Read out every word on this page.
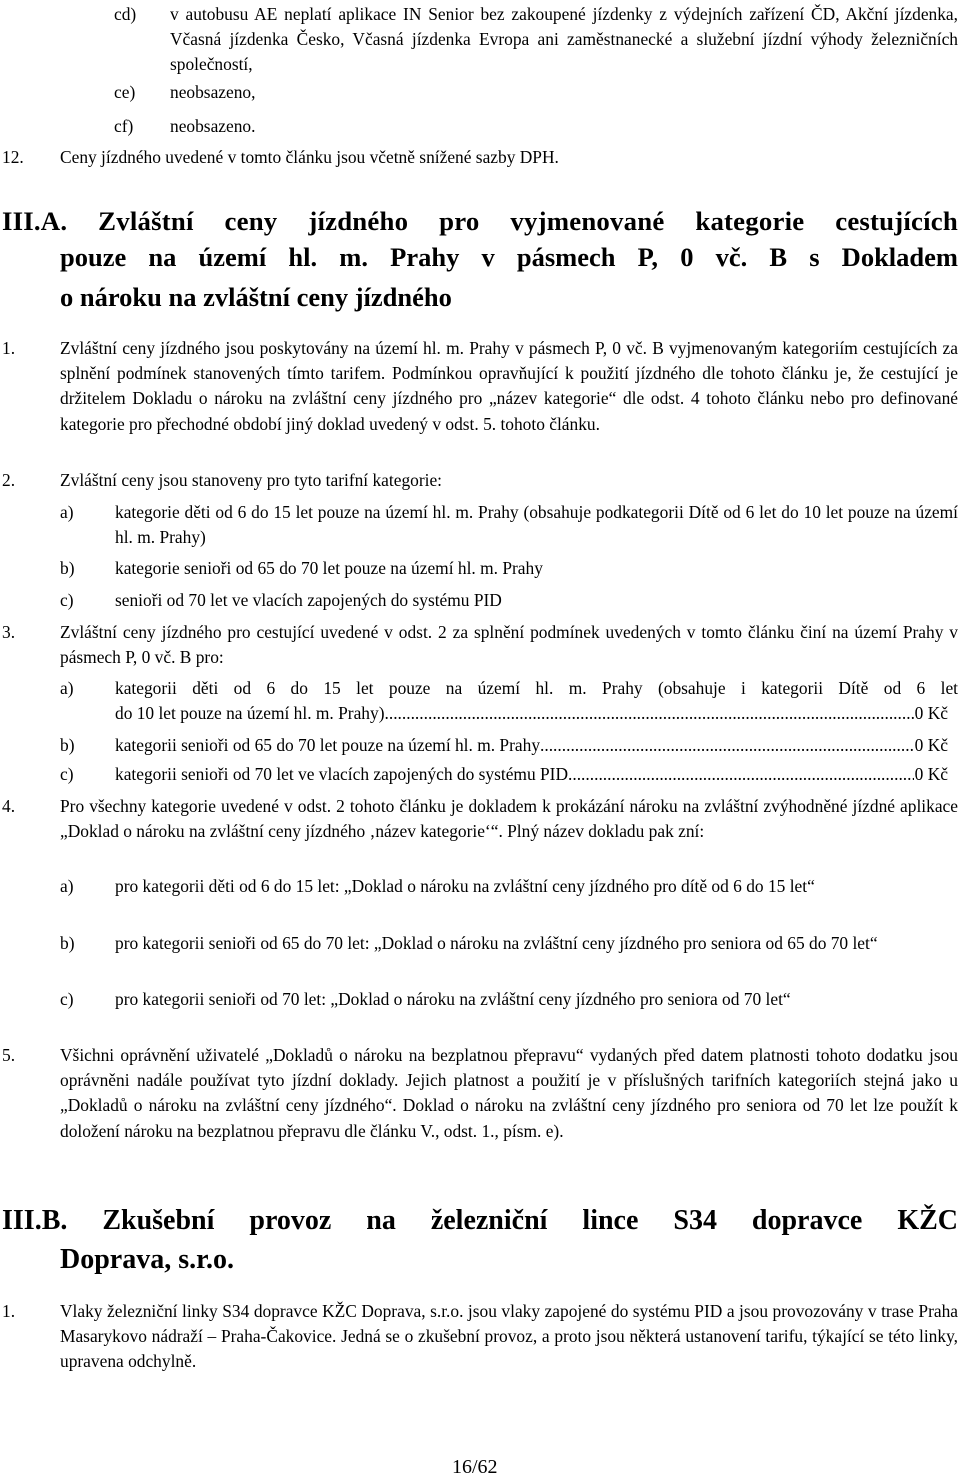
cd) v autobusu AE neplatí aplikace IN Senior bez zakoupené jízdenky z výdejních zařízení ČD, Akční jízdenka, Včasná jízdenka Česko, Včasná jízdenka Evropa ani zaměstnanecké a služební jízdní výhody železničních společností,
ce) neobsazeno,
cf) neobsazeno.
12. Ceny jízdného uvedené v tomto článku jsou včetně snížené sazby DPH.
III.A. Zvláštní ceny jízdného pro vyjmenované kategorie cestujících
pouze na území hl. m. Prahy v pásmech P, 0 vč. B s Dokladem
o nároku na zvláštní ceny jízdného
1.	Zvláštní ceny jízdného jsou poskytovány na území hl. m. Prahy v pásmech P, 0 vč. B vyjmenovaným kategoriím cestujících za splnění podmínek stanovených tímto tarifem. Podmínkou opravňující k použití jízdného dle tohoto článku je, že cestující je držitelem Dokladu o nároku na zvláštní ceny jízdného pro „název kategorie“ dle odst. 4 tohoto článku nebo pro definované kategorie pro přechodné období jiný doklad uvedený v odst. 5. tohoto článku.
2.	Zvláštní ceny jsou stanoveny pro tyto tarifní kategorie:
a) kategorie děti od 6 do 15 let pouze na území hl. m. Prahy (obsahuje podkategorii Dítě od 6 let do 10 let pouze na území hl. m. Prahy)
b) kategorie senioři od 65 do 70 let pouze na území hl. m. Prahy
c) senioři od 70 let ve vlacích zapojených do systému PID
3.	Zvláštní ceny jízdného pro cestující uvedené v odst. 2 za splnění podmínek uvedených v tomto článku činí na území Prahy v pásmech P, 0 vč. B pro:
a) kategorii děti od 6 do 15 let pouze na území hl. m. Prahy (obsahuje i kategorii Dítě od 6 let
do 10 let pouze na území hl. m. Prahy) .....	0 Kč
b) kategorii senioři od 65 do 70 let pouze na území hl. m. Prahy .....	0 Kč
c) kategorii senioři od 70 let ve vlacích zapojených do systému PID .....	0 Kč
4.	Pro všechny kategorie uvedené v odst. 2 tohoto článku je dokladem k prokázání nároku na zvláštní zvýhodněné jízdné aplikace „Doklad o nároku na zvláštní ceny jízdného ‚název kategorie‘“. Plný název dokladu pak zní:
a) pro kategorii děti od 6 do 15 let: „Doklad o nároku na zvláštní ceny jízdného pro dítě od 6 do 15 let“
b) pro kategorii senioři od 65 do 70 let: „Doklad o nároku na zvláštní ceny jízdného pro seniora od 65 do 70 let“
c) pro kategorii senioři od 70 let: „Doklad o nároku na zvláštní ceny jízdného pro seniora od 70 let“
5.	Všichni oprávnění uživatelé „Dokladů o nároku na bezplatnou přepravu“ vydaných před datem platnosti tohoto dodatku jsou oprávněni nadále používat tyto jízdní doklady. Jejich platnost a použití je v příslušných tarifních kategoriích stejná jako u „Dokladů o nároku na zvláštní ceny jízdného“. Doklad o nároku na zvláštní ceny jízdného pro seniora od 70 let lze použít k doložení nároku na bezplatnou přepravu dle článku V., odst. 1., písm. e).
III.B. Zkušební provoz na železniční lince S34 dopravce KŽC
Doprava, s.r.o.
1.	Vlaky železniční linky S34 dopravce KŽC Doprava, s.r.o. jsou vlaky zapojené do systému PID a jsou provozovány v trase Praha Masarykovo nádraží – Praha-Čakovice. Jedná se o zkušební provoz, a proto jsou některá ustanovení tarifu, týkající se této linky, upravena odchylně.
16/62
